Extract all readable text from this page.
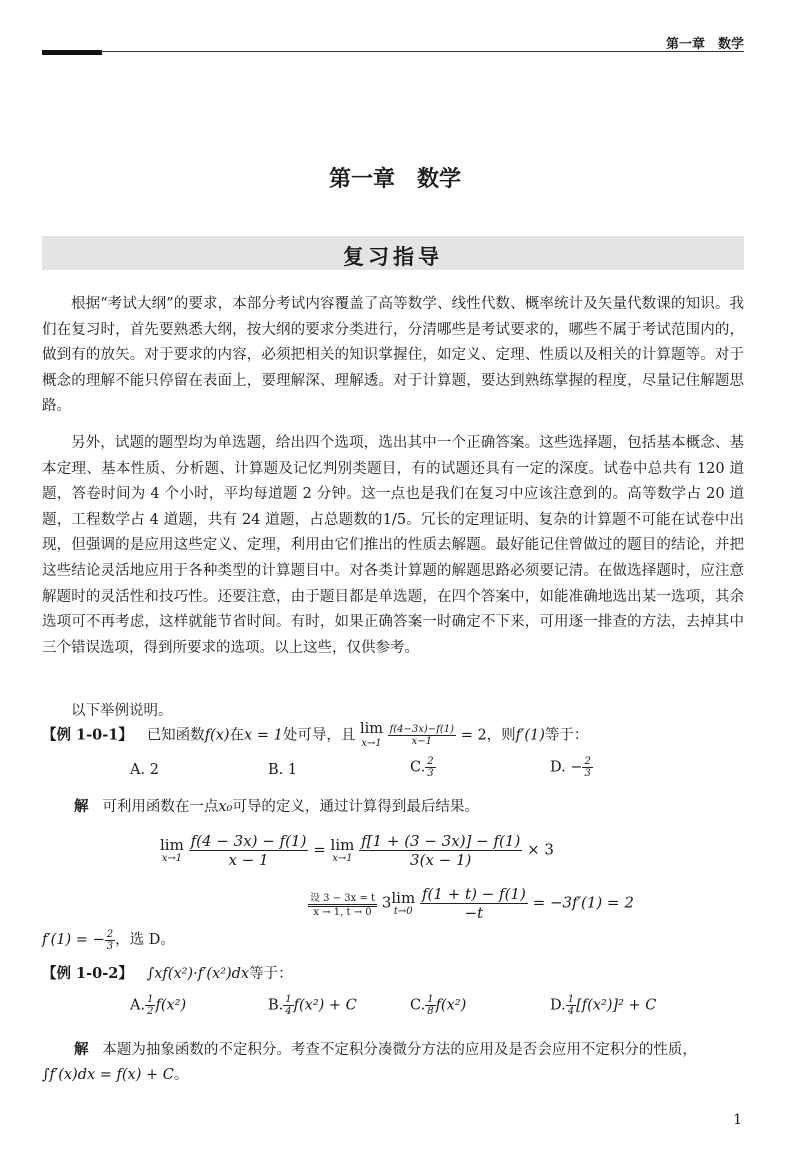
第一章　数学
第一章　数学
复习指导

根据“考试大纲”的要求，本部分考试内容覆盖了高等数学、线性代数、概率统计及矢量代数课的知识。我们在复习时，首先要熟悉大纲，按大纲的要求分类进行，分清哪些是考试要求的，哪些不属于考试范围内的，做到有的放矢。对于要求的内容，必须把相关的知识掌握住，如定义、定理、性质以及相关的计算题等。对于概念的理解不能只停留在表面上，要理解深、理解透。对于计算题，要达到熟练掌握的程度，尽量记住解题思路。

另外，试题的题型均为单选题，给出四个选项，选出其中一个正确答案。这些选择题，包括基本概念、基本定理、基本性质、分析题、计算题及记忆判别类题目，有的试题还具有一定的深度。试卷中总共有 120 道题，答卷时间为 4 个小时，平均每道题 2 分钟。这一点也是我们在复习中应该注意到的。高等数学占 20 道题，工程数学占 4 道题，共有 24 道题，占总题数的1/5。冗长的定理证明、复杂的计算题不可能在试卷中出现，但强调的是应用这些定义、定理，利用由它们推出的性质去解题。最好能记住曾做过的题目的结论，并把这些结论灵活地应用于各种类型的计算题目中。对各类计算题的解题思路必须要记清。在做选择题时，应注意解题时的灵活性和技巧性。还要注意，由于题目都是单选题，在四个答案中，如能准确地选出某一选项，其余选项可不再考虑，这样就能节省时间。有时，如果正确答案一时确定不下来，可用逐一排查的方法，去掉其中三个错误选项，得到所要求的选项。以上这些，仅供参考。

以下举例说明。

【例 1-0-1】 已知函数f(x)在x = 1处可导，且 lim
x→1
$\frac{f(4-3x)-f(1)}{x-1} = 2$，则f′(1)等于：
A. 2	B. 1	C. $\frac{2}{3}$	D. − $\frac{2}{3}$
解 可利用函数在一点x₀可导的定义，通过计算得到最后结果。
lim
x→1
$\frac{f(4 - 3x) - f(1)}{x - 1} = \lim$
x→1
$\frac{f[1 + (3 - 3x)] - f(1)}{3(x - 1)} \times 3$
设 3 − 3x = t
x → 1, t → 0
3lim
t→0
$\frac{f(1 + t) - f(1)}{-t} = -3f'(1) = 2$
f′(1) = − $\frac{2}{3}$ ，选 D。
【例 1-0-2】 ∫xf(x²)·f′(x²)dx等于：
A. $\frac{1}{2} f(x^2)$	B. $\frac{1}{4} f(x^2) + C$	C. $\frac{1}{8} f(x^2)$	D. $\frac{1}{4} [f(x^2)]^2 + C$
解 本题为抽象函数的不定积分。考查不定积分凑微分方法的应用及是否会应用不定积分的性质，
∫f′(x)dx = f(x) + C。
1
